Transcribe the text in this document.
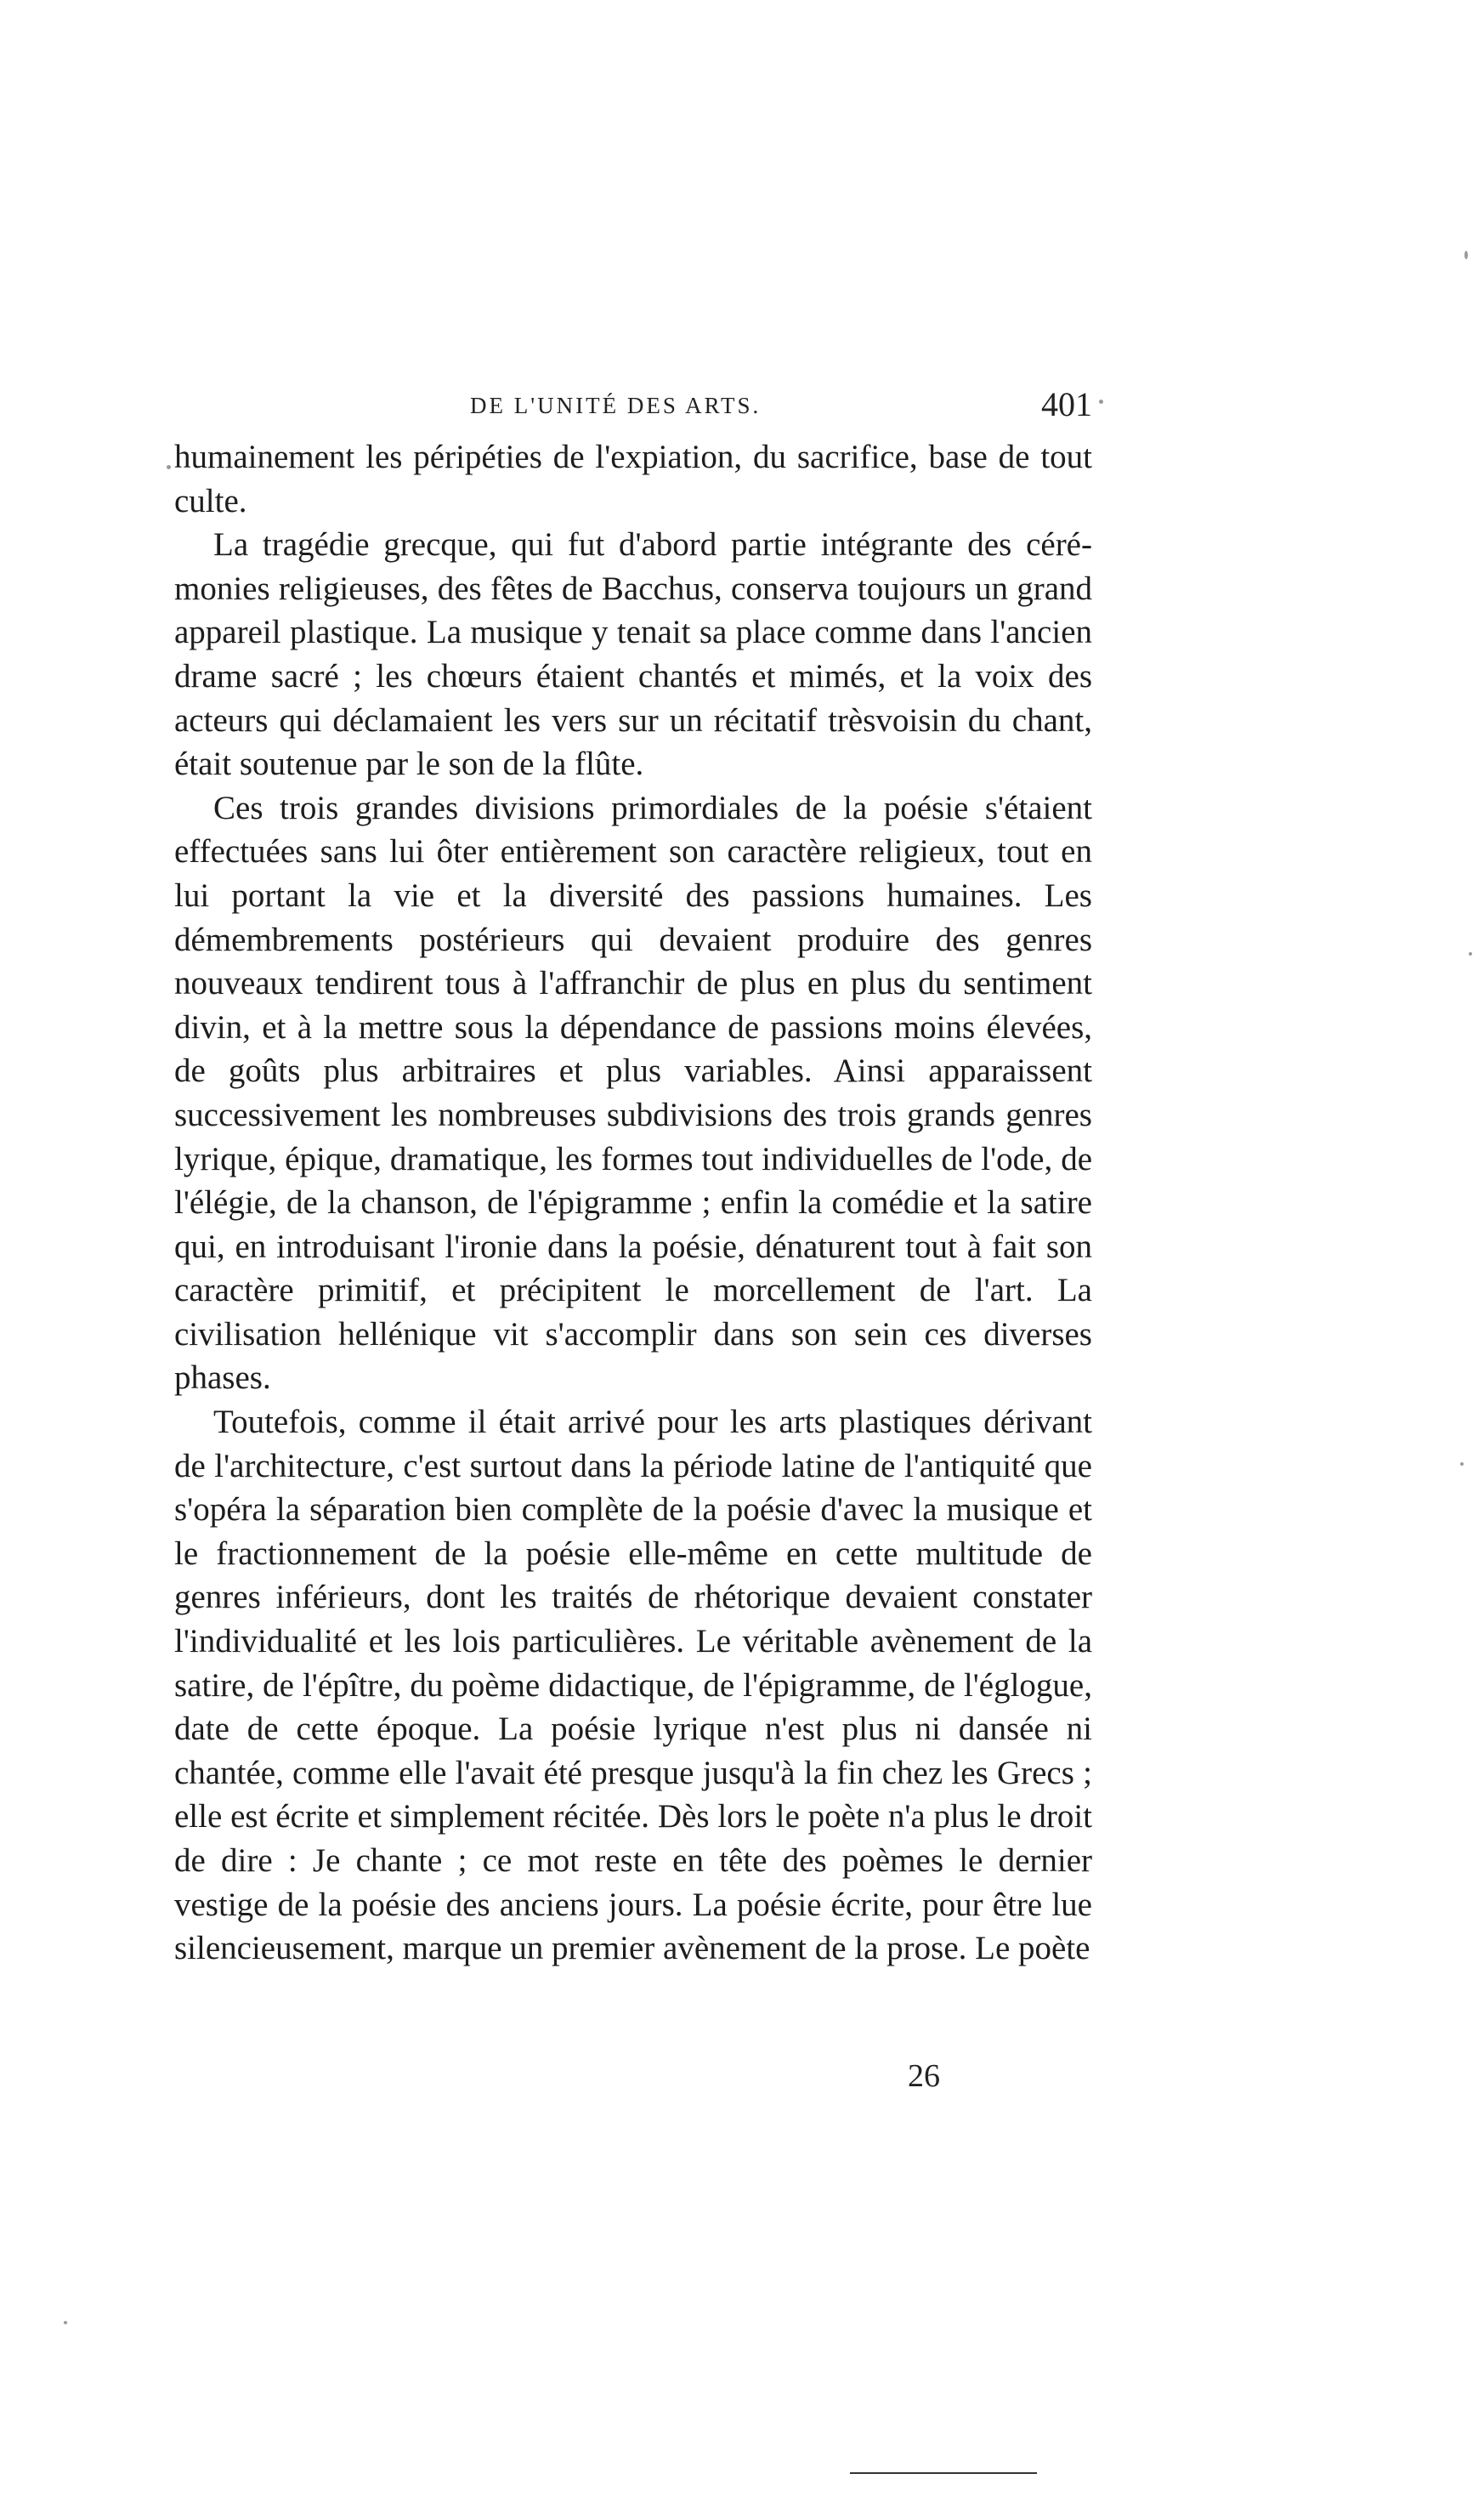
DE L'UNITÉ DES ARTS.	401

humainement les péripéties de l'expiation, du sacrifice, base de tout culte.

La tragédie grecque, qui fut d'abord partie intégrante des cérémonies religieuses, des fêtes de Bacchus, conserva toujours un grand appareil plastique. La musique y tenait sa place comme dans l'ancien drame sacré ; les chœurs étaient chantés et mimés, et la voix des acteurs qui déclamaient les vers sur un récitatif trèsvoisin du chant, était soutenue par le son de la flûte.

Ces trois grandes divisions primordiales de la poésie s'étaient effectuées sans lui ôter entièrement son caractère religieux, tout en lui portant la vie et la diversité des passions humaines. Les démembrements postérieurs qui devaient produire des genres nouveaux tendirent tous à l'affranchir de plus en plus du sentiment divin, et à la mettre sous la dépendance de passions moins élevées, de goûts plus arbitraires et plus variables. Ainsi apparaissent successivement les nombreuses subdivisions des trois grands genres lyrique, épique, dramatique, les formes tout individuelles de l'ode, de l'élégie, de la chanson, de l'épigramme ; enfin la comédie et la satire qui, en introduisant l'ironie dans la poésie, dénaturent tout à fait son caractère primitif, et précipitent le morcellement de l'art. La civilisation hellénique vit s'accomplir dans son sein ces diverses phases.

Toutefois, comme il était arrivé pour les arts plastiques dérivant de l'architecture, c'est surtout dans la période latine de l'antiquité que s'opéra la séparation bien complète de la poésie d'avec la musique et le fractionnement de la poésie elle-même en cette multitude de genres inférieurs, dont les traités de rhétorique devaient constater l'individualité et les lois particulières. Le véritable avènement de la satire, de l'épître, du poème didactique, de l'épigramme, de l'églogue, date de cette époque. La poésie lyrique n'est plus ni dansée ni chantée, comme elle l'avait été presque jusqu'à la fin chez les Grecs ; elle est écrite et simplement récitée. Dès lors le poète n'a plus le droit de dire : Je chante ; ce mot reste en tête des poèmes le dernier vestige de la poésie des anciens jours. La poésie écrite, pour être lue silencieusement, marque un premier avènement de la prose. Le poète

26
